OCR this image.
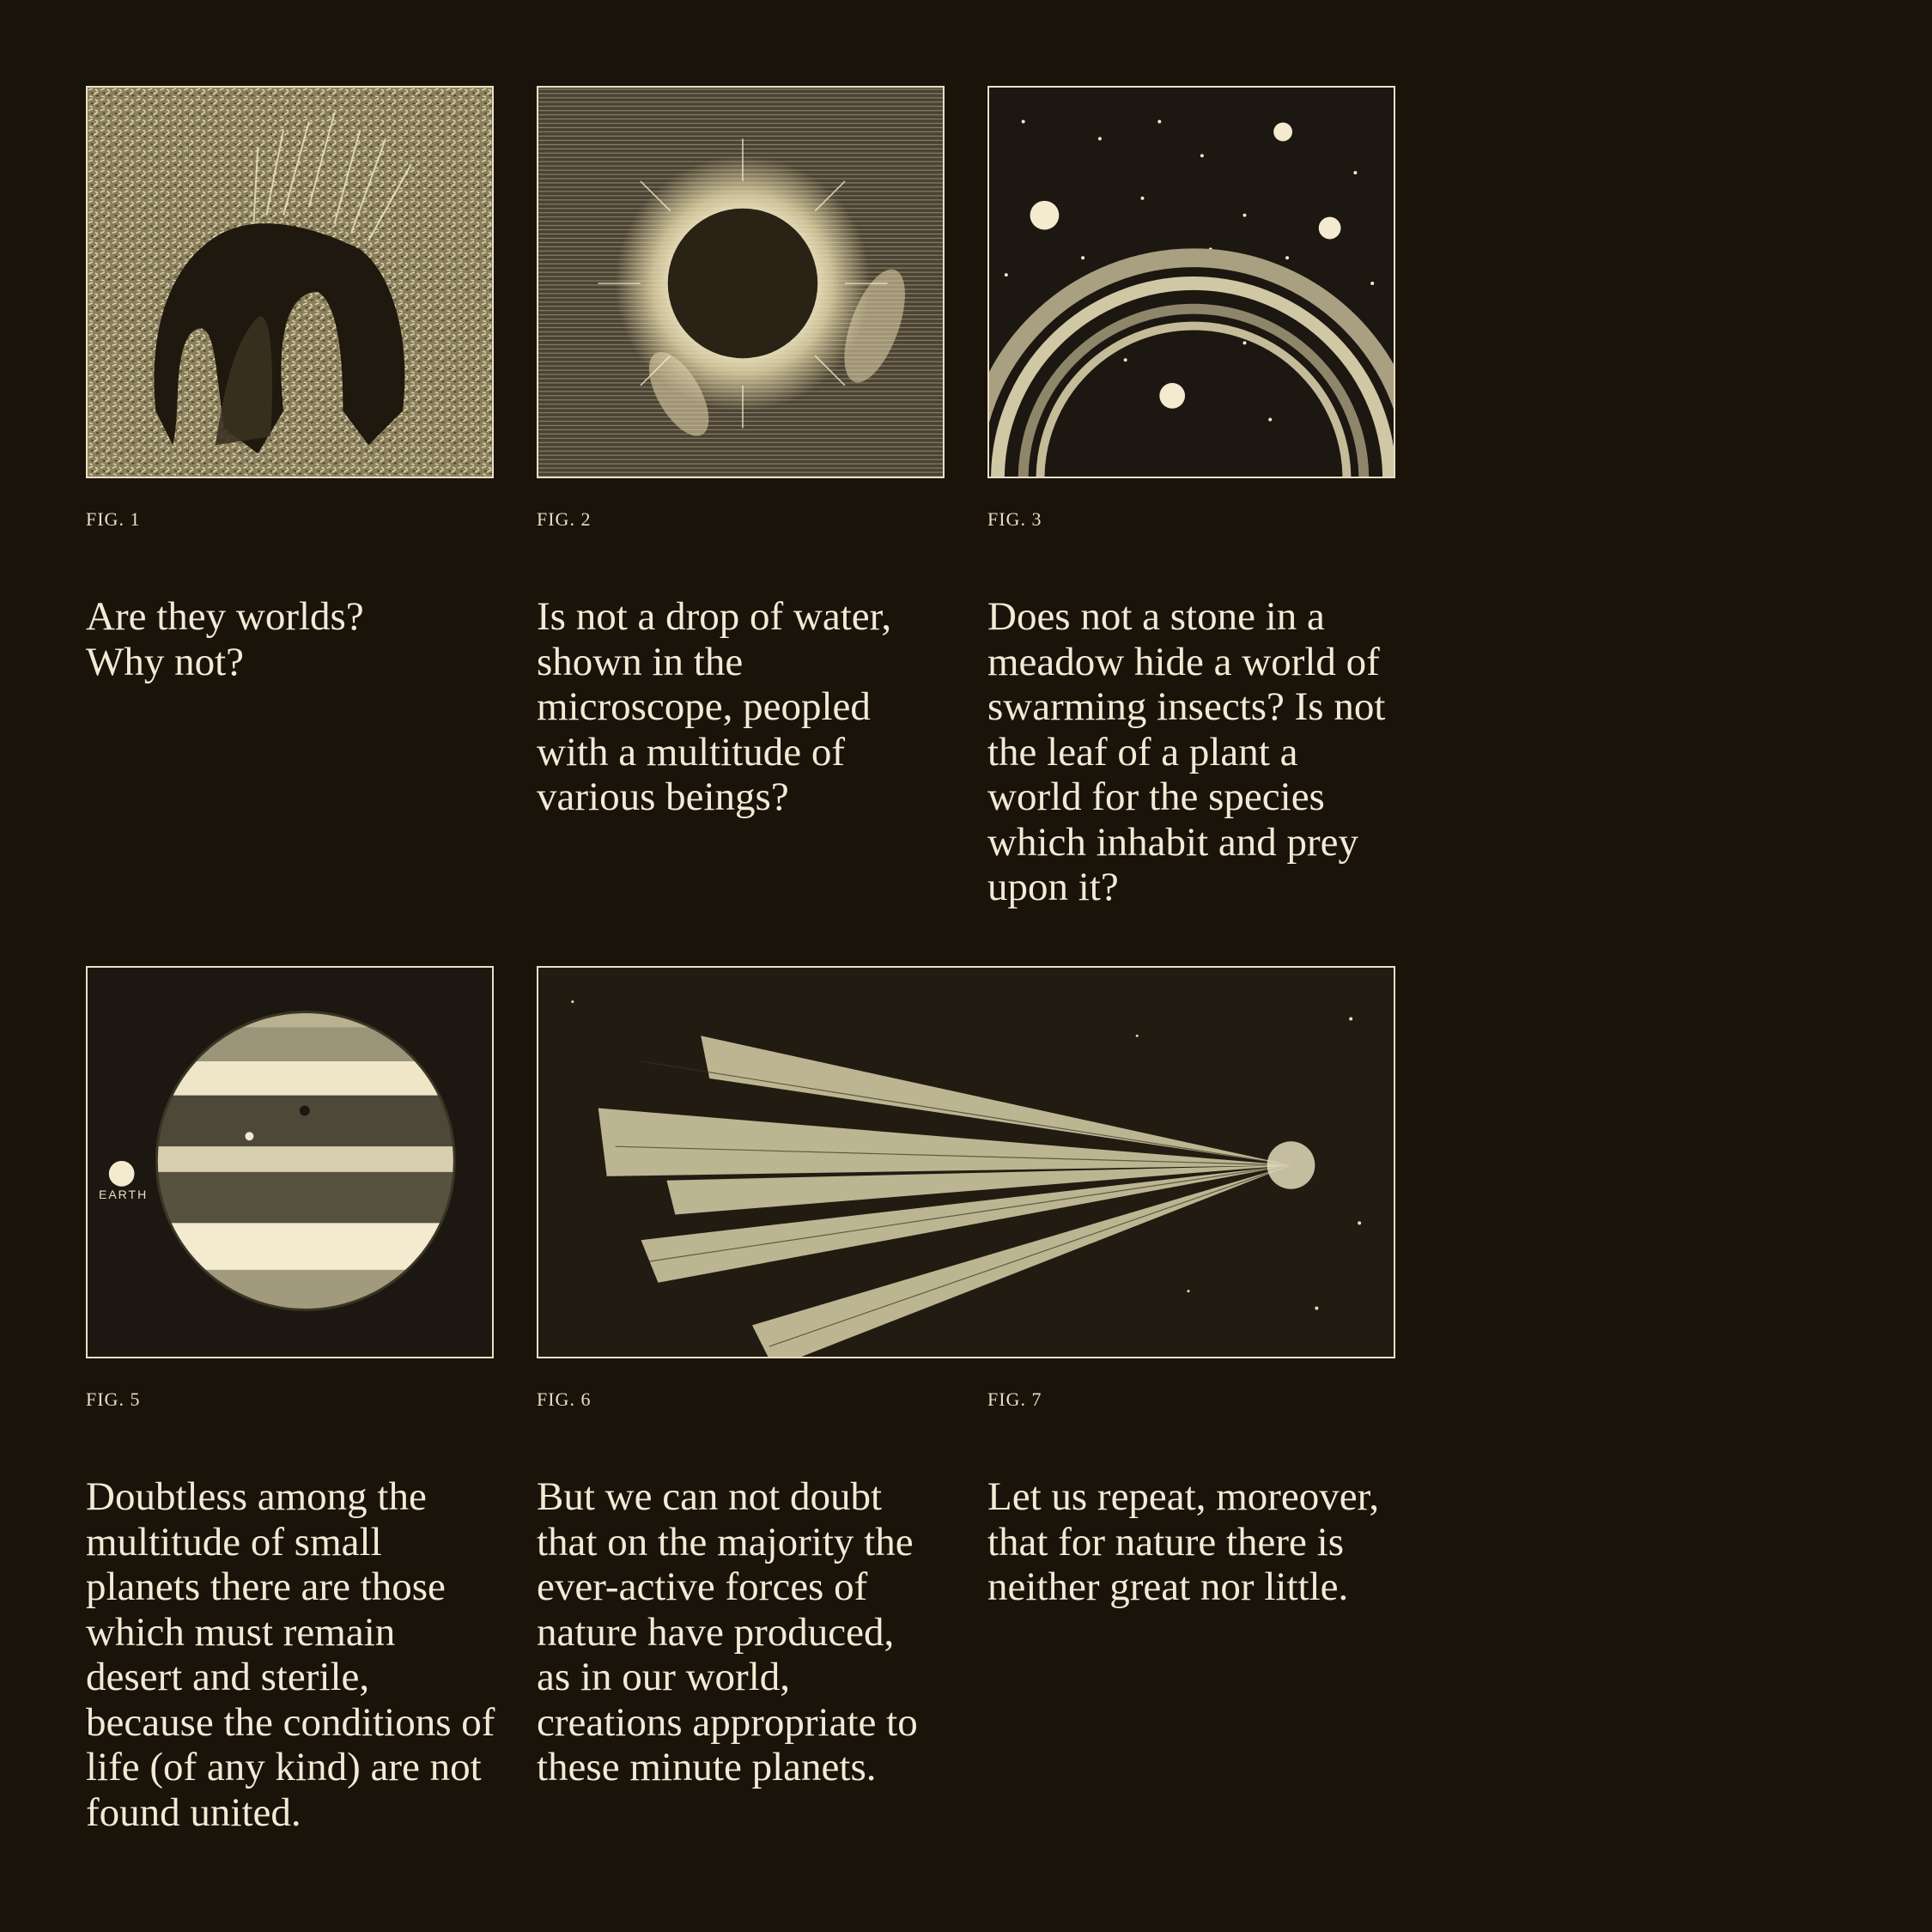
FIG. 1

Are they worlds? Why not?

FIG. 2

Is not a drop of water, shown in the microscope, peopled with a multitude of various beings?

FIG. 3

Does not a stone in a meadow hide a world of swarming insects? Is not the leaf of a plant a world for the species which inhabit and prey upon it?

EARTH
FIG. 5

Doubtless among the multitude of small planets there are those which must remain desert and sterile, because the conditions of life (of any kind) are not found united.

FIG. 6

But we can not doubt that on the majority the ever-active forces of nature have produced, as in our world, creations appropriate to these minute planets.

FIG. 7

Let us repeat, moreover, that for nature there is neither great nor little.
